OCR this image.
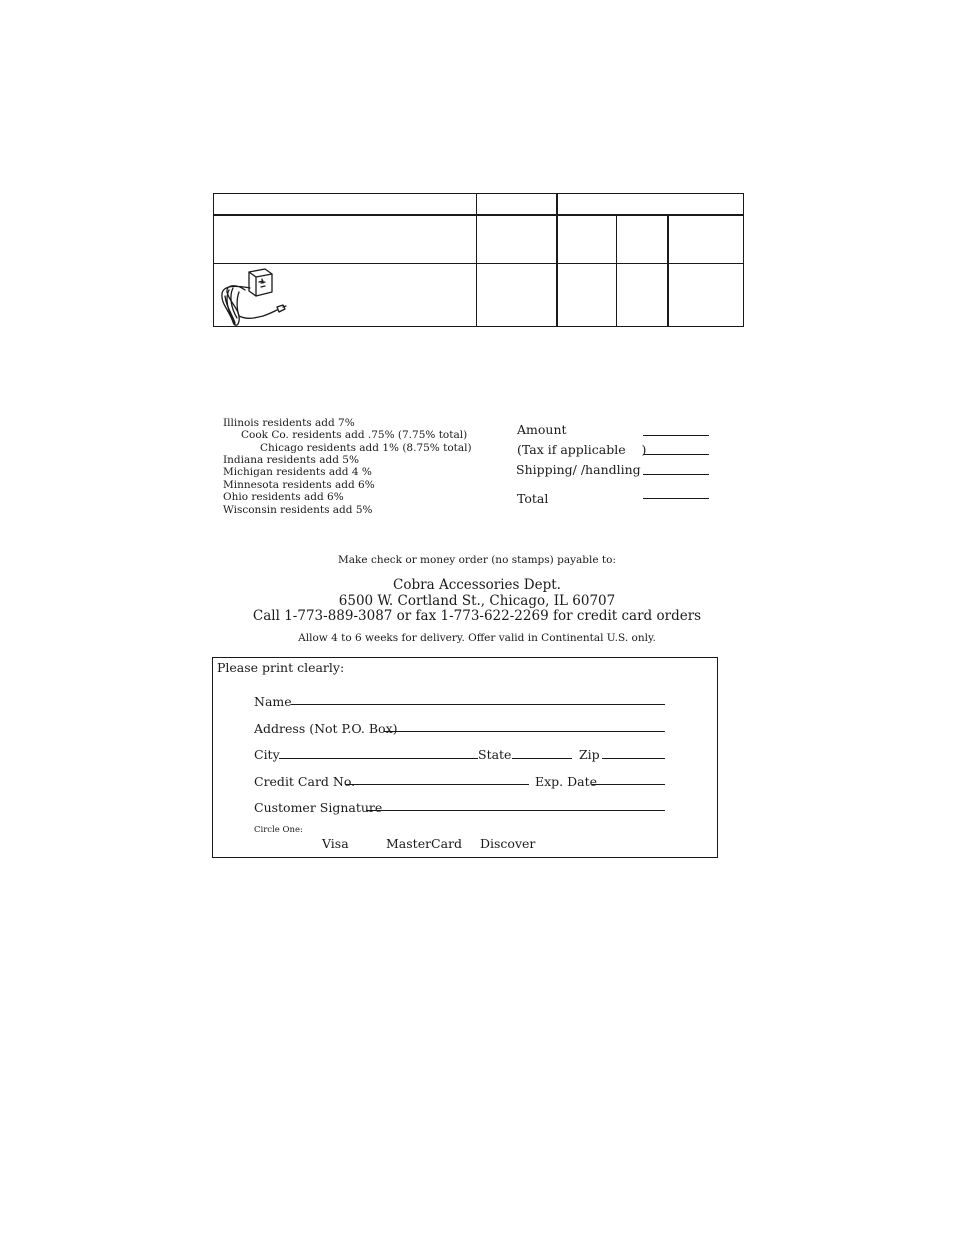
Illinois residents add 7%
Cook Co. residents add .75% (7.75% total)
Chicago residents add 1% (8.75% total)
Indiana residents add 5%
Michigan residents add 4 %
Minnesota residents add 6%
Ohio residents add 6%
Wisconsin residents add 5%
Amount
(Tax if applicable    )
Shipping/ /handling
Total
Make check or money order (no stamps) payable to:
Cobra Accessories Dept.
6500 W. Cortland St., Chicago, IL 60707
Call 1-773-889-3087 or fax 1-773-622-2269 for credit card orders
Allow 4 to 6 weeks for delivery. Offer valid in Continental U.S. only.
Please print clearly:
Name
Address (Not P.O. Box)
City	State	Zip
Credit Card No.	Exp. Date
Customer Signature
Circle One:
Visa	MasterCard Discover
